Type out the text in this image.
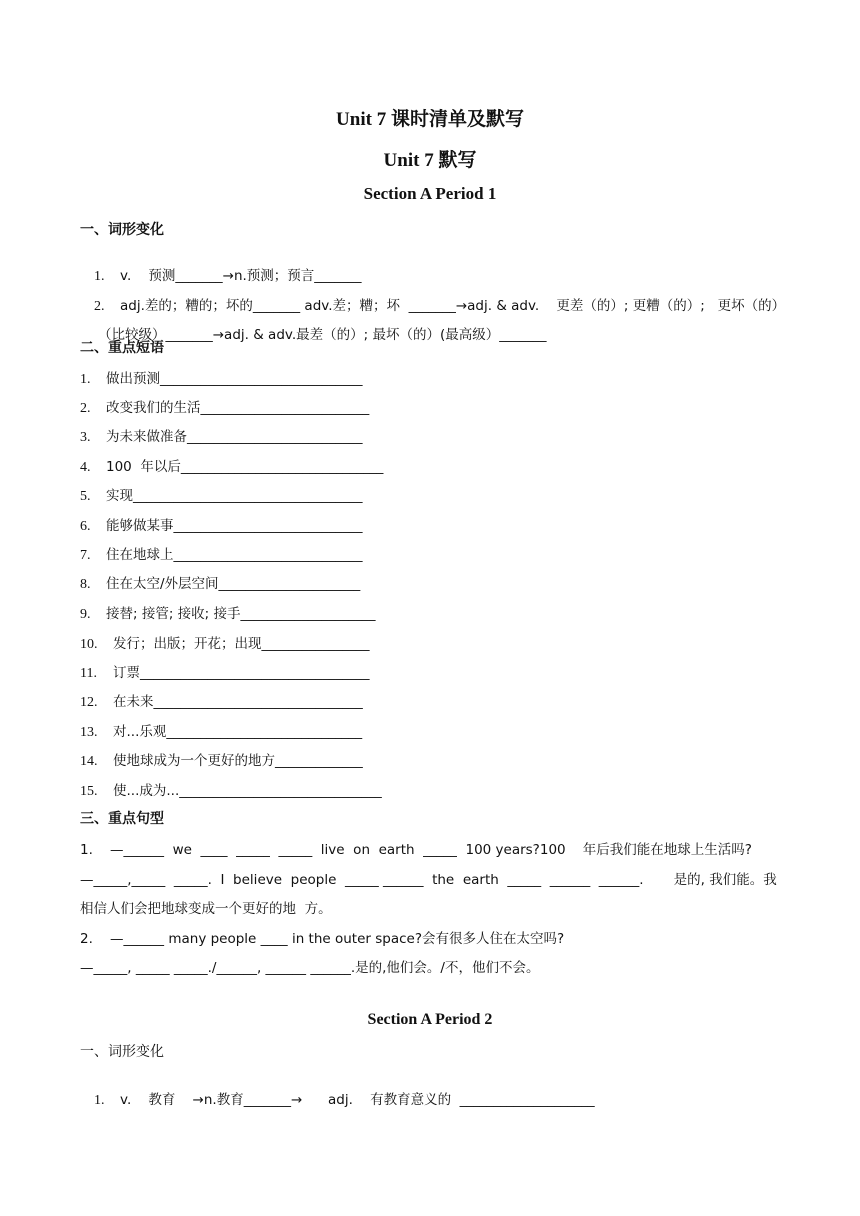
Unit 7 课时清单及默写
Unit 7 默写
Section A Period 1
一、词形变化

1. v.    预测_______→n.预测；预言_______

2. adj.差的；糟的；坏的_______ adv.差；糟；坏  _______→adj. & adv.    更差（的）; 更糟（的）;   更坏（的）

（比较级）_______→adj. & adv.最差（的）; 最坏（的）(最高级）_______

二、重点短语
1. 做出预测______________________________
2. 改变我们的生活_________________________
3. 为未来做准备__________________________
4. 100  年以后______________________________
5. 实现__________________________________
6. 能够做某事____________________________
7. 住在地球上____________________________
8. 住在太空/外层空间_____________________
9. 接替; 接管; 接收; 接手____________________
10. 发行；出版；开花；出现________________
11. 订票__________________________________
12. 在未来_______________________________
13. 对...乐观_____________________________
14. 使地球成为一个更好的地方_____________
15. 使...成为...______________________________
三、重点句型
1.    —______  we  ____  _____  _____  live  on  earth  _____  100 years?100    年后我们能在地球上生活吗?
—_____,_____  _____.  I  believe  people  _____ ______  the  earth  _____  ______  ______.       是的, 我们能。我
相信人们会把地球变成一个更好的地  方。
2.    —______ many people ____ in the outer space?会有很多人住在太空吗?
—_____, _____ _____./______, ______ ______.是的,他们会。/不，他们不会。
Section A Period 2
一、词形变化

1. v.    教育    →n.教育_______→      adj.    有教育意义的  ____________________
